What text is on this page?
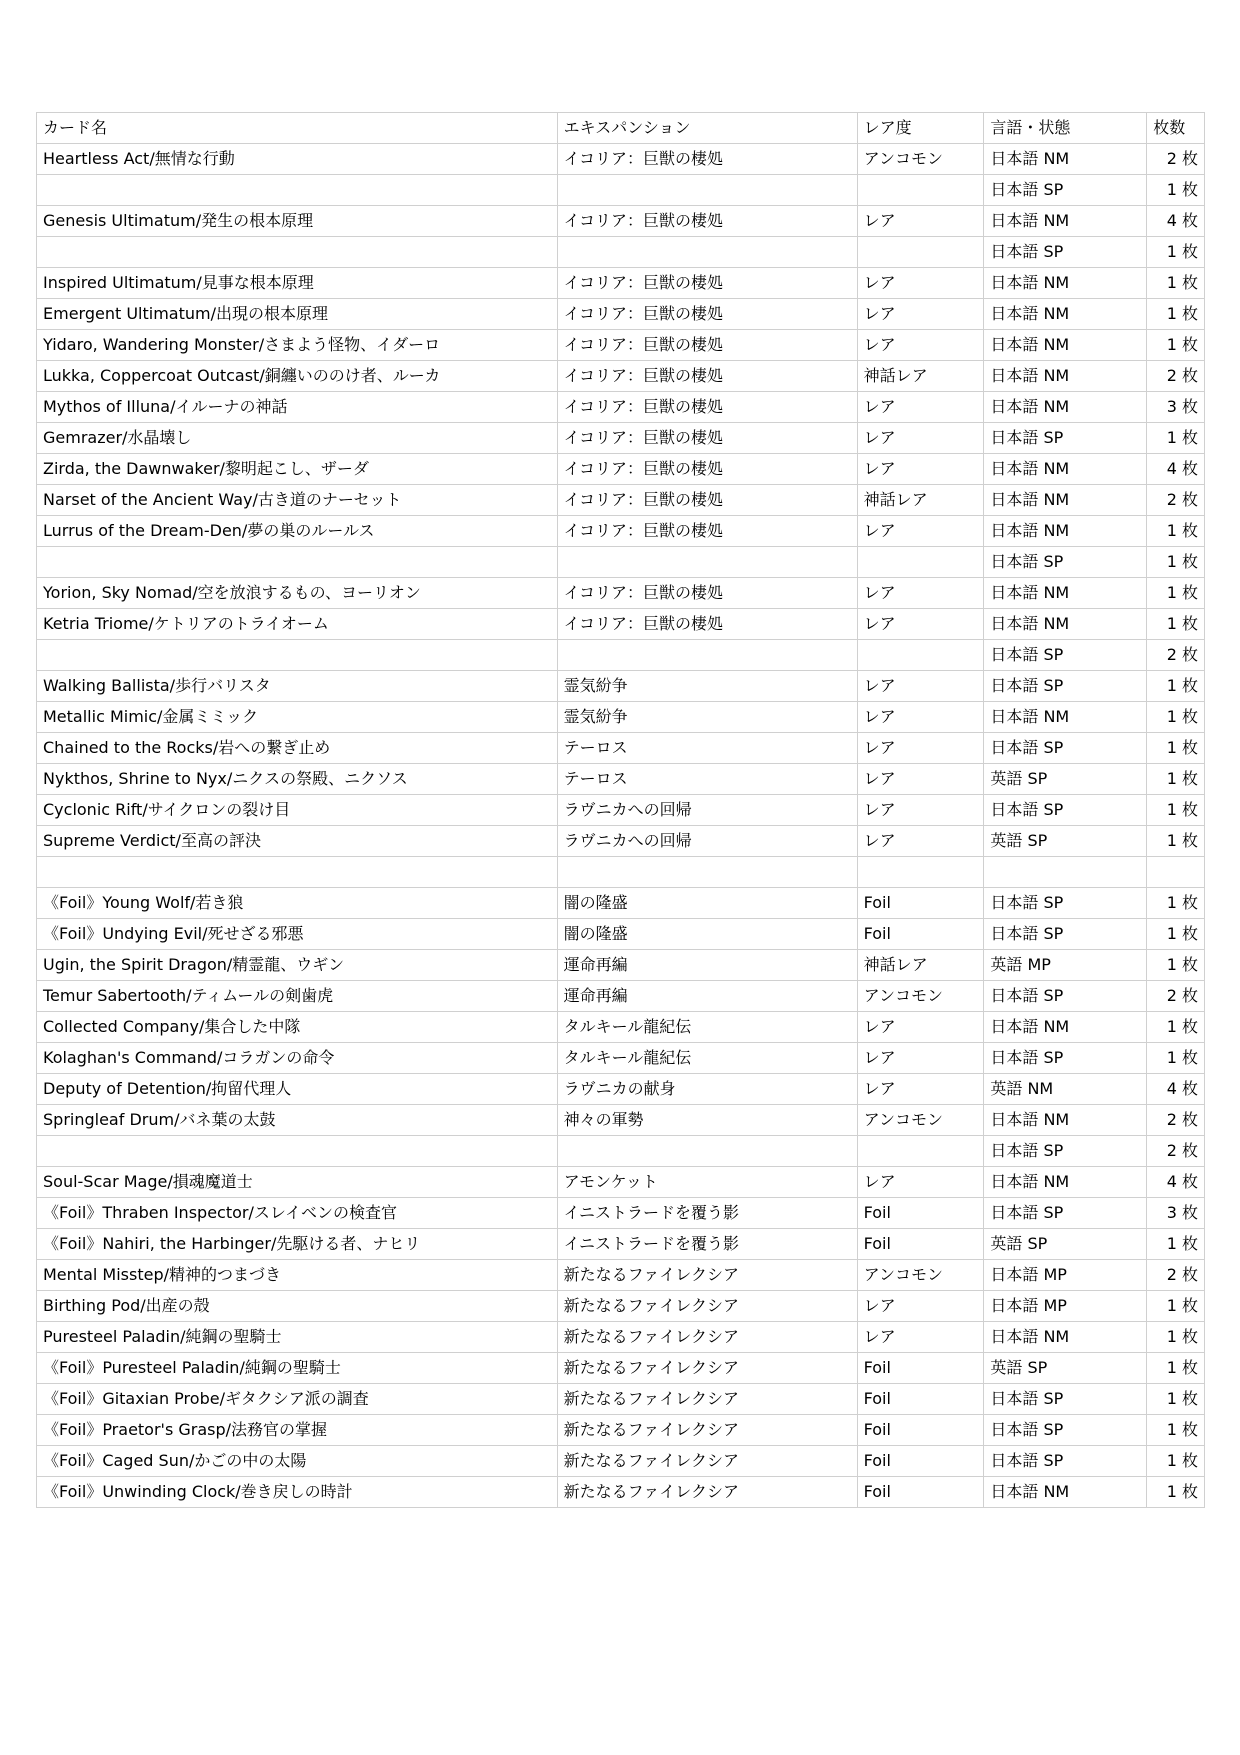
カード名	エキスパンション	レア度	言語・状態	枚数
Heartless Act/無情な行動	イコリア：巨獣の棲処	アンコモン	日本語 NM	2 枚
			日本語 SP	1 枚
Genesis Ultimatum/発生の根本原理	イコリア：巨獣の棲処	レア	日本語 NM	4 枚
			日本語 SP	1 枚
Inspired Ultimatum/見事な根本原理	イコリア：巨獣の棲処	レア	日本語 NM	1 枚
Emergent Ultimatum/出現の根本原理	イコリア：巨獣の棲処	レア	日本語 NM	1 枚
Yidaro, Wandering Monster/さまよう怪物、イダーロ	イコリア：巨獣の棲処	レア	日本語 NM	1 枚
Lukka, Coppercoat Outcast/銅纏いののけ者、ルーカ	イコリア：巨獣の棲処	神話レア	日本語 NM	2 枚
Mythos of Illuna/イルーナの神話	イコリア：巨獣の棲処	レア	日本語 NM	3 枚
Gemrazer/水晶壊し	イコリア：巨獣の棲処	レア	日本語 SP	1 枚
Zirda, the Dawnwaker/黎明起こし、ザーダ	イコリア：巨獣の棲処	レア	日本語 NM	4 枚
Narset of the Ancient Way/古き道のナーセット	イコリア：巨獣の棲処	神話レア	日本語 NM	2 枚
Lurrus of the Dream-Den/夢の巣のルールス	イコリア：巨獣の棲処	レア	日本語 NM	1 枚
			日本語 SP	1 枚
Yorion, Sky Nomad/空を放浪するもの、ヨーリオン	イコリア：巨獣の棲処	レア	日本語 NM	1 枚
Ketria Triome/ケトリアのトライオーム	イコリア：巨獣の棲処	レア	日本語 NM	1 枚
			日本語 SP	2 枚
Walking Ballista/歩行バリスタ	霊気紛争	レア	日本語 SP	1 枚
Metallic Mimic/金属ミミック	霊気紛争	レア	日本語 NM	1 枚
Chained to the Rocks/岩への繋ぎ止め	テーロス	レア	日本語 SP	1 枚
Nykthos, Shrine to Nyx/ニクスの祭殿、ニクソス	テーロス	レア	英語 SP	1 枚
Cyclonic Rift/サイクロンの裂け目	ラヴニカへの回帰	レア	日本語 SP	1 枚
Supreme Verdict/至高の評決	ラヴニカへの回帰	レア	英語 SP	1 枚

《Foil》Young Wolf/若き狼	闇の隆盛	Foil	日本語 SP	1 枚
《Foil》Undying Evil/死せざる邪悪	闇の隆盛	Foil	日本語 SP	1 枚
Ugin, the Spirit Dragon/精霊龍、ウギン	運命再編	神話レア	英語 MP	1 枚
Temur Sabertooth/ティムールの剣歯虎	運命再編	アンコモン	日本語 SP	2 枚
Collected Company/集合した中隊	タルキール龍紀伝	レア	日本語 NM	1 枚
Kolaghan's Command/コラガンの命令	タルキール龍紀伝	レア	日本語 SP	1 枚
Deputy of Detention/拘留代理人	ラヴニカの献身	レア	英語 NM	4 枚
Springleaf Drum/バネ葉の太鼓	神々の軍勢	アンコモン	日本語 NM	2 枚
			日本語 SP	2 枚
Soul-Scar Mage/損魂魔道士	アモンケット	レア	日本語 NM	4 枚
《Foil》Thraben Inspector/スレイベンの検査官	イニストラードを覆う影	Foil	日本語 SP	3 枚
《Foil》Nahiri, the Harbinger/先駆ける者、ナヒリ	イニストラードを覆う影	Foil	英語 SP	1 枚
Mental Misstep/精神的つまづき	新たなるファイレクシア	アンコモン	日本語 MP	2 枚
Birthing Pod/出産の殻	新たなるファイレクシア	レア	日本語 MP	1 枚
Puresteel Paladin/純鋼の聖騎士	新たなるファイレクシア	レア	日本語 NM	1 枚
《Foil》Puresteel Paladin/純鋼の聖騎士	新たなるファイレクシア	Foil	英語 SP	1 枚
《Foil》Gitaxian Probe/ギタクシア派の調査	新たなるファイレクシア	Foil	日本語 SP	1 枚
《Foil》Praetor's Grasp/法務官の掌握	新たなるファイレクシア	Foil	日本語 SP	1 枚
《Foil》Caged Sun/かごの中の太陽	新たなるファイレクシア	Foil	日本語 SP	1 枚
《Foil》Unwinding Clock/巻き戻しの時計	新たなるファイレクシア	Foil	日本語 NM	1 枚
